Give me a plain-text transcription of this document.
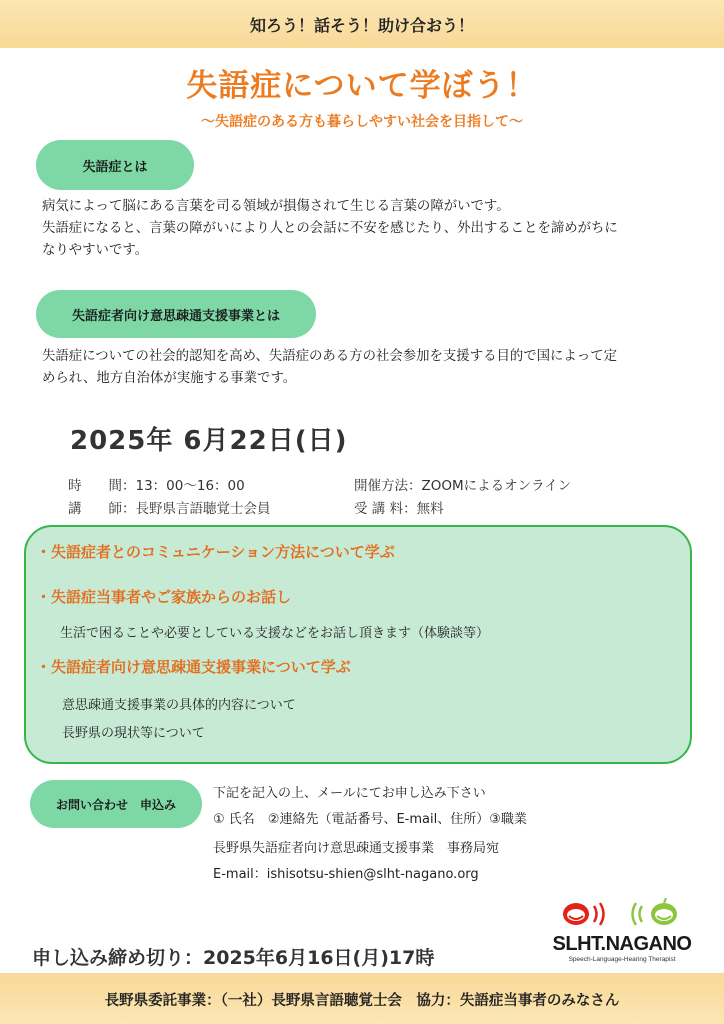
知ろう！話そう！助け合おう！
失語症について学ぼう！
～失語症のある方も暮らしやすい社会を目指して～
失語症とは
病気によって脳にある言葉を司る領域が損傷されて生じる言葉の障がいです。
失語症になると、言葉の障がいにより人との会話に不安を感じたり、外出することを諦めがちに
なりやすいです。
失語症者向け意思疎通支援事業とは
失語症についての社会的認知を高め、失語症のある方の社会参加を支援する目的で国によって定
められ、地方自治体が実施する事業です。
2025年 6月22日(日)
時　　間：13：00～16：00	開催方法：ZOOMによるオンライン
講　　師：長野県言語聴覚士会員	受 講 料：無料
・失語症者とのコミュニケーション方法について学ぶ
・失語症当事者やご家族からのお話し
生活で困ることや必要としている支援などをお話し頂きます（体験談等）
・失語症者向け意思疎通支援事業について学ぶ
意思疎通支援事業の具体的内容について
長野県の現状等について
お問い合わせ　申込み
下記を記入の上、メールにてお申し込み下さい
① 氏名　②連絡先（電話番号、E-mail、住所）③職業
長野県失語症者向け意思疎通支援事業　事務局宛
E-mail：ishisotsu-shien@slht-nagano.org
SLHT.NAGANO
Speech-Language-Hearing Therapist
申し込み締め切り：2025年6月16日(月)17時
長野県委託事業：（一社）長野県言語聴覚士会　協力：失語症当事者のみなさん
